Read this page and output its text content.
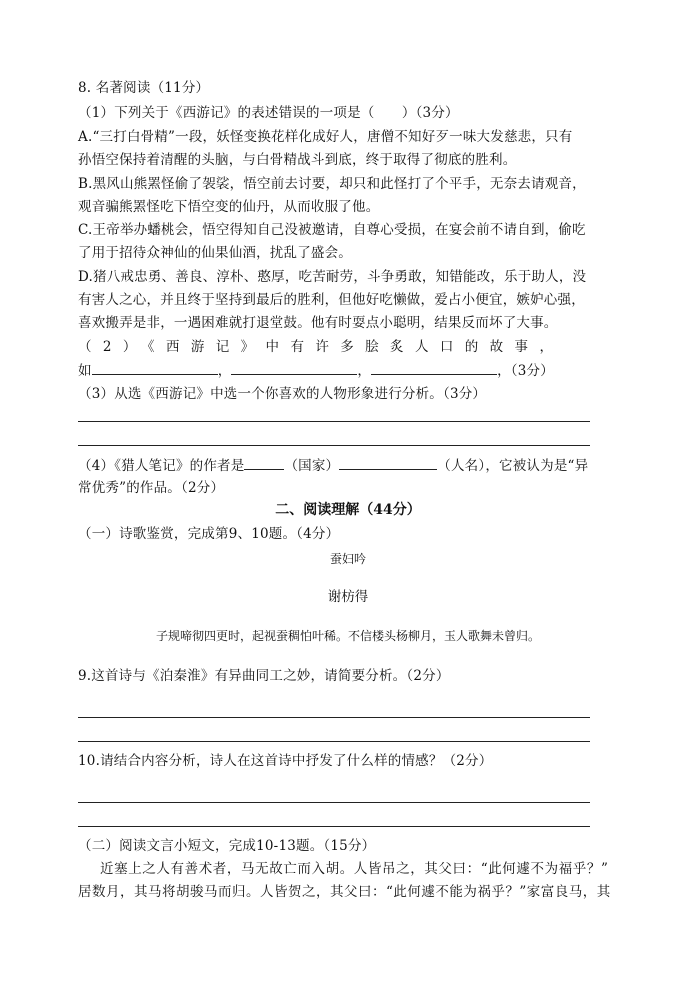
8. 名著阅读（11分）
（1）下列关于《西游记》的表述错误的一项是（　　）（3分）
A.“三打白骨精”一段，妖怪变换花样化成好人，唐僧不知好歹一味大发慈悲，只有
孙悟空保持着清醒的头脑，与白骨精战斗到底，终于取得了彻底的胜利。
B.黑风山熊罴怪偷了袈裟，悟空前去讨要，却只和此怪打了个平手，无奈去请观音，
观音骗熊罴怪吃下悟空变的仙丹，从而收服了他。
C.王帝举办蟠桃会，悟空得知自己没被邀请，自尊心受损，在宴会前不请自到，偷吃
了用于招待众神仙的仙果仙酒，扰乱了盛会。
D.猪八戒忠勇、善良、淳朴、憨厚，吃苦耐劳，斗争勇敢，知错能改，乐于助人，没
有害人之心，并且终于坚持到最后的胜利，但他好吃懒做，爱占小便宜，嫉妒心强，
喜欢搬弄是非，一遇困难就打退堂鼓。他有时耍点小聪明，结果反而坏了大事。
（2）《西游记》中有许多脍炙人口的故事，
如	，	，	，（3分）
（3）从选《西游记》中选一个你喜欢的人物形象进行分析。（3分）
（4）《猎人笔记》的作者是	（国家）	（人名），它被认为是“异
常优秀”的作品。（2分）
二、阅读理解（44分）
（一）诗歌鉴赏，完成第9、10题。（4分）
蚕妇吟
谢枋得
子规啼彻四更时，起视蚕稠怕叶稀。不信楼头杨柳月，玉人歌舞未曾归。
9.这首诗与《泊秦淮》有异曲同工之妙，请简要分析。（2分）
10.请结合内容分析，诗人在这首诗中抒发了什么样的情感？（2分）
（二）阅读文言小短文，完成10-13题。（15分）
近塞上之人有善术者，马无故亡而入胡。人皆吊之，其父曰：“此何遽不为福乎？”
居数月，其马将胡骏马而归。人皆贺之，其父曰：“此何遽不能为祸乎？”家富良马，其
